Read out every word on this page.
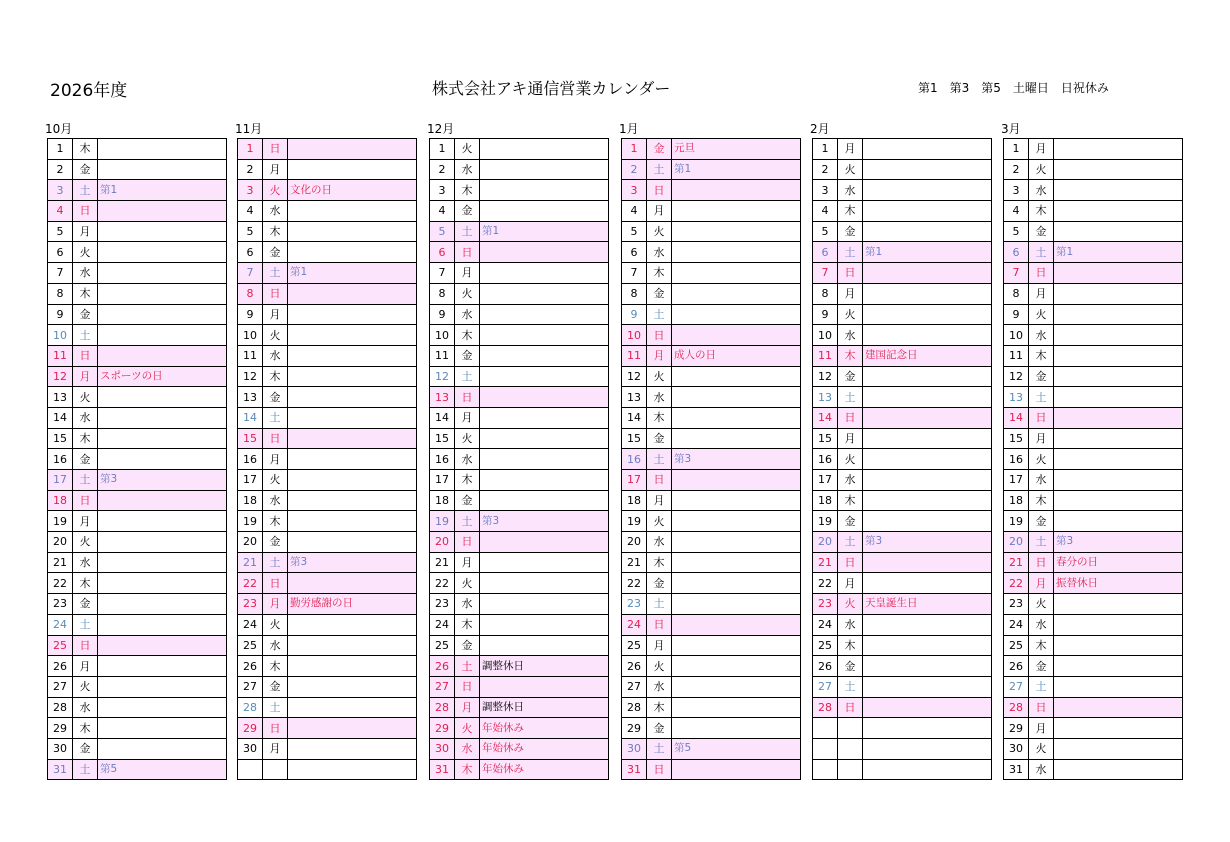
2026年度	株式会社アキ通信営業カレンダー	第1　第3　第5　土曜日　日祝休み
10月
1	木	
2	金	
3	土	第1
4	日	
5	月	
6	火	
7	水	
8	木	
9	金	
10	土	
11	日	
12	月	スポーツの日
13	火	
14	水	
15	木	
16	金	
17	土	第3
18	日	
19	月	
20	火	
21	水	
22	木	
23	金	
24	土	
25	日	
26	月	
27	火	
28	水	
29	木	
30	金	
31	土	第5
11月
1	日	
2	月	
3	火	文化の日
4	水	
5	木	
6	金	
7	土	第1
8	日	
9	月	
10	火	
11	水	
12	木	
13	金	
14	土	
15	日	
16	月	
17	火	
18	水	
19	木	
20	金	
21	土	第3
22	日	
23	月	勤労感謝の日
24	火	
25	水	
26	木	
27	金	
28	土	
29	日	
30	月	

12月
1	火	
2	水	
3	木	
4	金	
5	土	第1
6	日	
7	月	
8	火	
9	水	
10	木	
11	金	
12	土	
13	日	
14	月	
15	火	
16	水	
17	木	
18	金	
19	土	第3
20	日	
21	月	
22	火	
23	水	
24	木	
25	金	
26	土	調整休日
27	日	
28	月	調整休日
29	火	年始休み
30	水	年始休み
31	木	年始休み
1月
1	金	元旦
2	土	第1
3	日	
4	月	
5	火	
6	水	
7	木	
8	金	
9	土	
10	日	
11	月	成人の日
12	火	
13	水	
14	木	
15	金	
16	土	第3
17	日	
18	月	
19	火	
20	水	
21	木	
22	金	
23	土	
24	日	
25	月	
26	火	
27	水	
28	木	
29	金	
30	土	第5
31	日	
2月
1	月	
2	火	
3	水	
4	木	
5	金	
6	土	第1
7	日	
8	月	
9	火	
10	水	
11	木	建国記念日
12	金	
13	土	
14	日	
15	月	
16	火	
17	水	
18	木	
19	金	
20	土	第3
21	日	
22	月	
23	火	天皇誕生日
24	水	
25	木	
26	金	
27	土	
28	日	

3月
1	月	
2	火	
3	水	
4	木	
5	金	
6	土	第1
7	日	
8	月	
9	火	
10	水	
11	木	
12	金	
13	土	
14	日	
15	月	
16	火	
17	水	
18	木	
19	金	
20	土	第3
21	日	春分の日
22	月	振替休日
23	火	
24	水	
25	木	
26	金	
27	土	
28	日	
29	月	
30	火	
31	水	
